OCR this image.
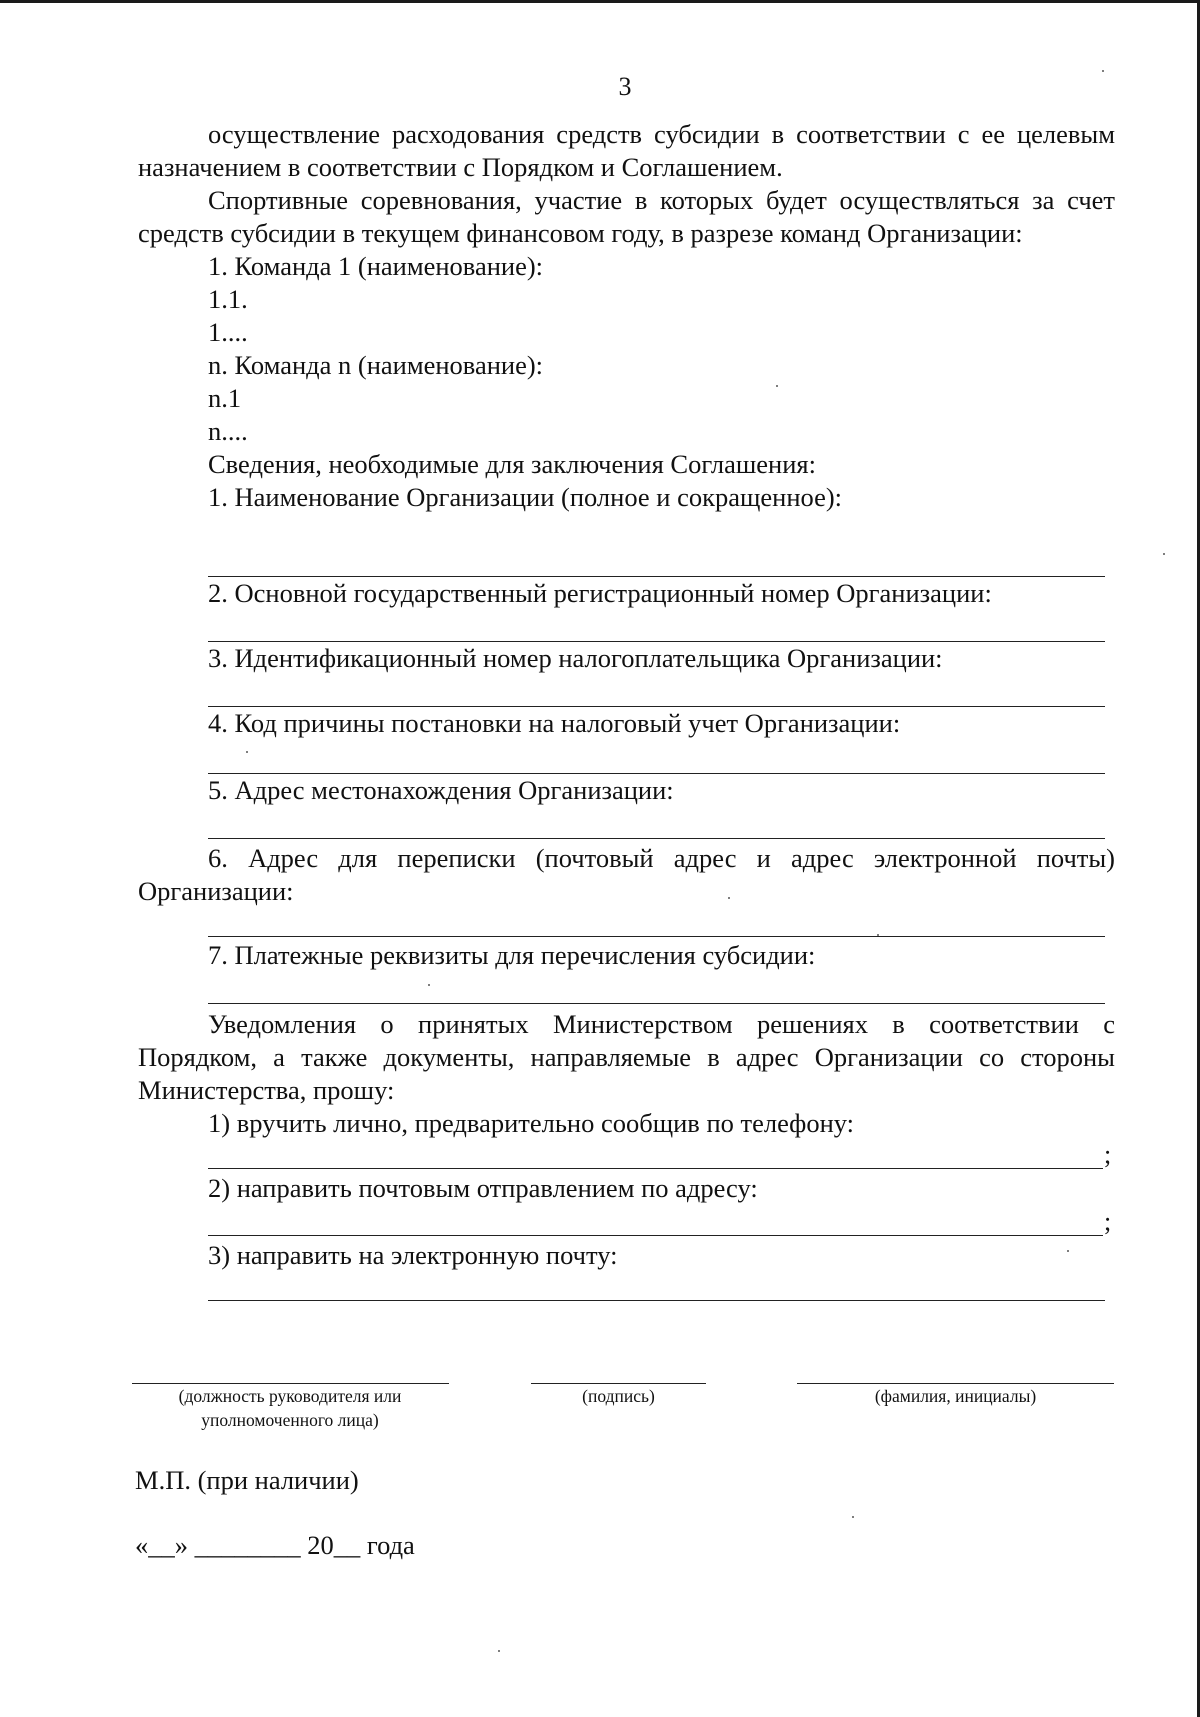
3

осуществление расходования средств субсидии в соответствии с ее целевым назначением в соответствии с Порядком и Соглашением.

Спортивные соревнования, участие в которых будет осуществляться за счет средств субсидии в текущем финансовом году, в разрезе команд Организации:

1. Команда 1 (наименование):

1.1.

1....

n. Команда n (наименование):

n.1

n....

Сведения, необходимые для заключения Соглашения:

1. Наименование Организации (полное и сокращенное):

2. Основной государственный регистрационный номер Организации:
3. Идентификационный номер налогоплательщика Организации:
4. Код причины постановки на налоговый учет Организации:
5. Адрес местонахождения Организации:

6. Адрес для переписки (почтовый адрес и адрес электронной почты) Организации:

7. Платежные реквизиты для перечисления субсидии:

Уведомления о принятых Министерством решениях в соответствии с Порядком, а также документы, направляемые в адрес Организации со стороны Министерства, прошу:

1) вручить лично, предварительно сообщив по телефону:

;
2) направить почтовым отправлением по адресу:
;
3) направить на электронную почту:
(должность руководителя или уполномоченного лица)
(подпись)	(фамилия, инициалы)
М.П. (при наличии)
«__» ________ 20__ года
